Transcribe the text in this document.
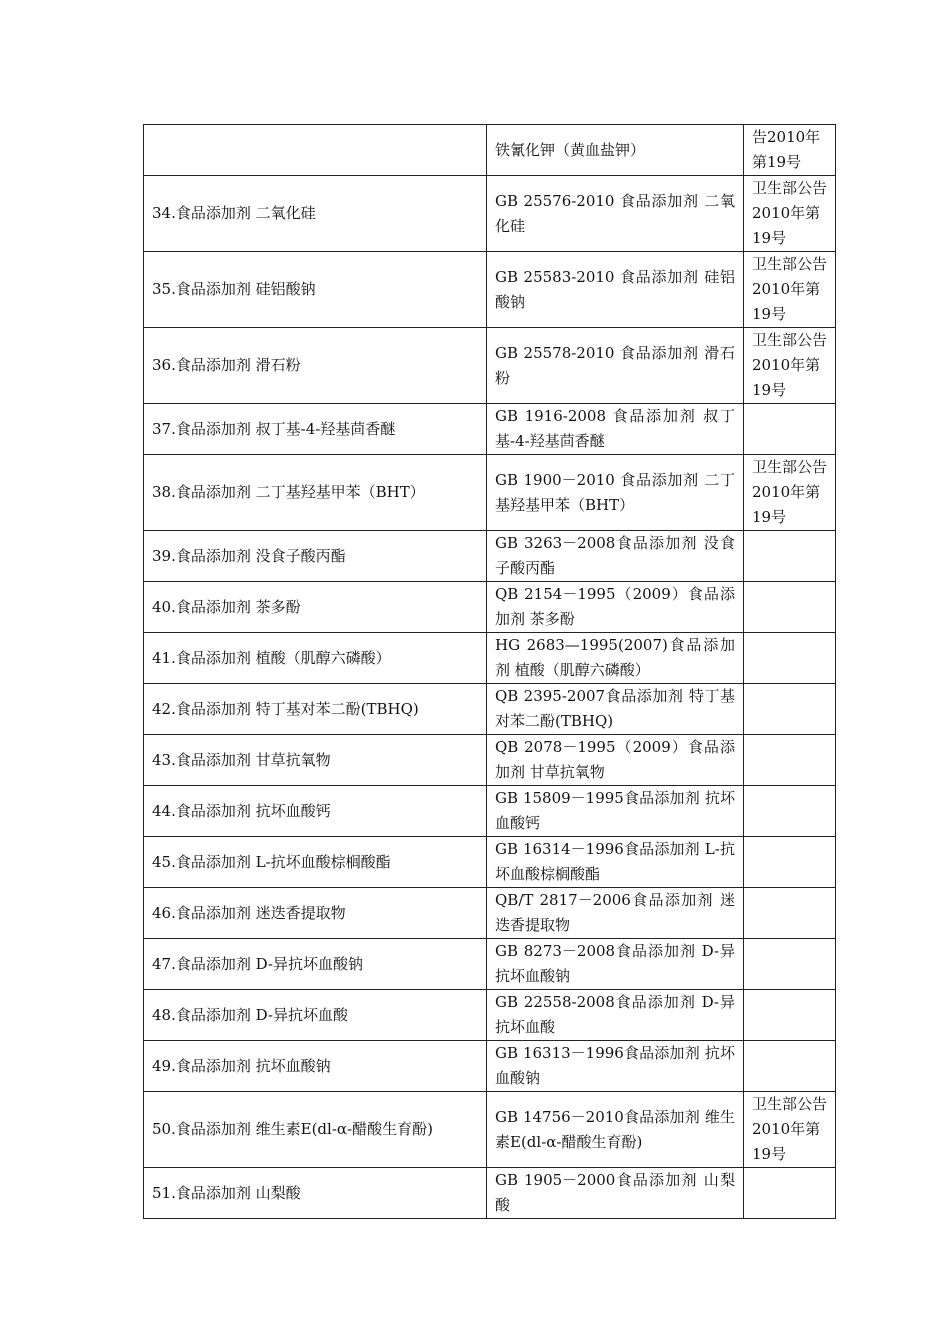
	铁氰化钾（黄血盐钾）	告2010年第19号
34.食品添加剂 二氧化硅	GB 25576-2010 食品添加剂 二氧化硅	卫生部公告2010年第19号
35.食品添加剂 硅铝酸钠	GB 25583-2010 食品添加剂 硅铝酸钠	卫生部公告2010年第19号
36.食品添加剂 滑石粉	GB 25578-2010 食品添加剂 滑石粉	卫生部公告2010年第19号
37.食品添加剂 叔丁基-4-羟基茴香醚	GB 1916-2008 食品添加剂 叔丁基-4-羟基茴香醚	
38.食品添加剂 二丁基羟基甲苯（BHT）	GB 1900－2010 食品添加剂 二丁基羟基甲苯（BHT）	卫生部公告2010年第19号
39.食品添加剂 没食子酸丙酯	GB 3263－2008食品添加剂 没食子酸丙酯	
40.食品添加剂 茶多酚	QB 2154－1995（2009）食品添加剂 茶多酚	
41.食品添加剂 植酸（肌醇六磷酸）	HG 2683—1995(2007)食品添加剂 植酸（肌醇六磷酸）	
42.食品添加剂 特丁基对苯二酚(TBHQ)	QB 2395-2007食品添加剂 特丁基对苯二酚(TBHQ)	
43.食品添加剂 甘草抗氧物	QB 2078－1995（2009）食品添加剂 甘草抗氧物	
44.食品添加剂 抗坏血酸钙	GB 15809－1995食品添加剂 抗坏血酸钙	
45.食品添加剂 L-抗坏血酸棕榈酸酯	GB 16314－1996食品添加剂 L-抗坏血酸棕榈酸酯	
46.食品添加剂 迷迭香提取物	QB/T 2817－2006食品添加剂 迷迭香提取物	
47.食品添加剂 D-异抗坏血酸钠	GB 8273－2008食品添加剂 D-异抗坏血酸钠	
48.食品添加剂 D-异抗坏血酸	GB 22558-2008食品添加剂 D-异抗坏血酸	
49.食品添加剂 抗坏血酸钠	GB 16313－1996食品添加剂 抗坏血酸钠	
50.食品添加剂 维生素E(dl-α-醋酸生育酚)	GB 14756－2010食品添加剂 维生素E(dl-α-醋酸生育酚)	卫生部公告2010年第19号
51.食品添加剂 山梨酸	GB 1905－2000食品添加剂 山梨酸	
